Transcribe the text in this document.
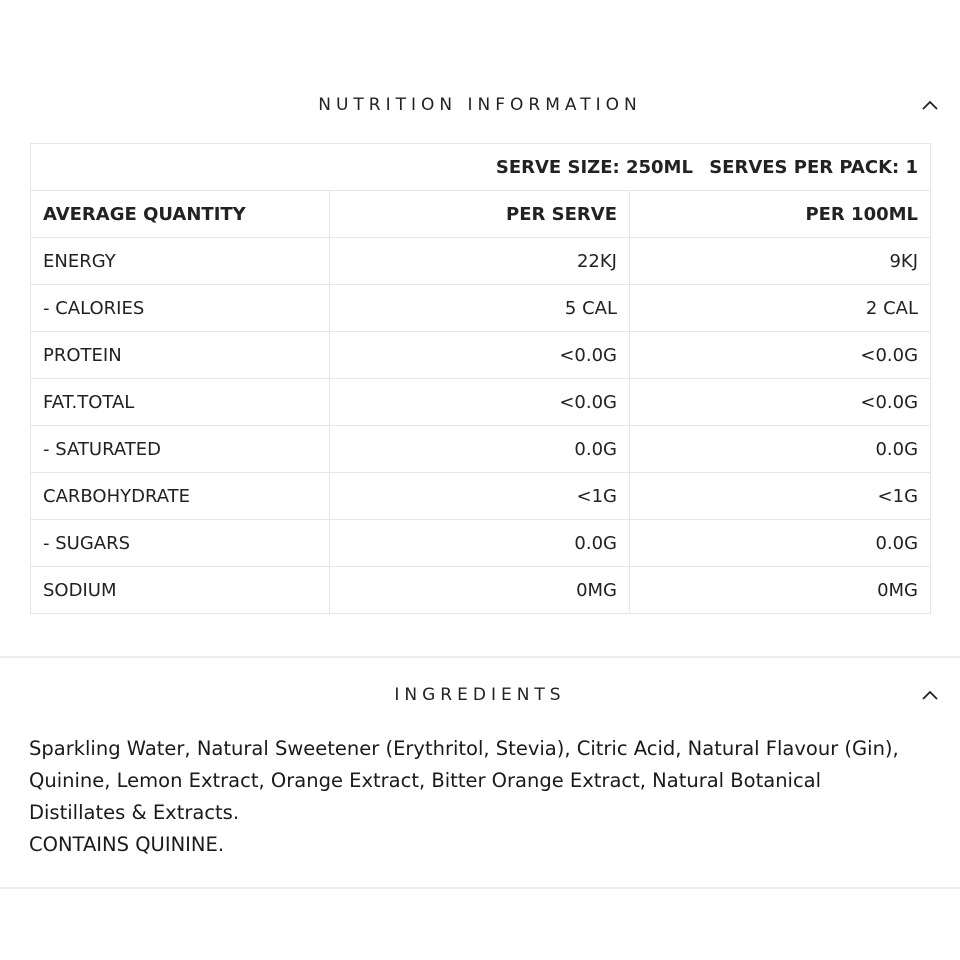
NUTRITION INFORMATION
SERVE SIZE: 250ML SERVES PER PACK: 1		
AVERAGE QUANTITY	PER SERVE	PER 100ML
ENERGY	22KJ	9KJ
- CALORIES	5 CAL	2 CAL
PROTEIN	<0.0G	<0.0G
FAT.TOTAL	<0.0G	<0.0G
- SATURATED	0.0G	0.0G
CARBOHYDRATE	<1G	<1G
- SUGARS	0.0G	0.0G
SODIUM	0MG	0MG
INGREDIENTS

Sparkling Water, Natural Sweetener (Erythritol, Stevia), Citric Acid, Natural Flavour (Gin), Quinine, Lemon Extract, Orange Extract, Bitter Orange Extract, Natural Botanical Distillates & Extracts.

CONTAINS QUININE.
